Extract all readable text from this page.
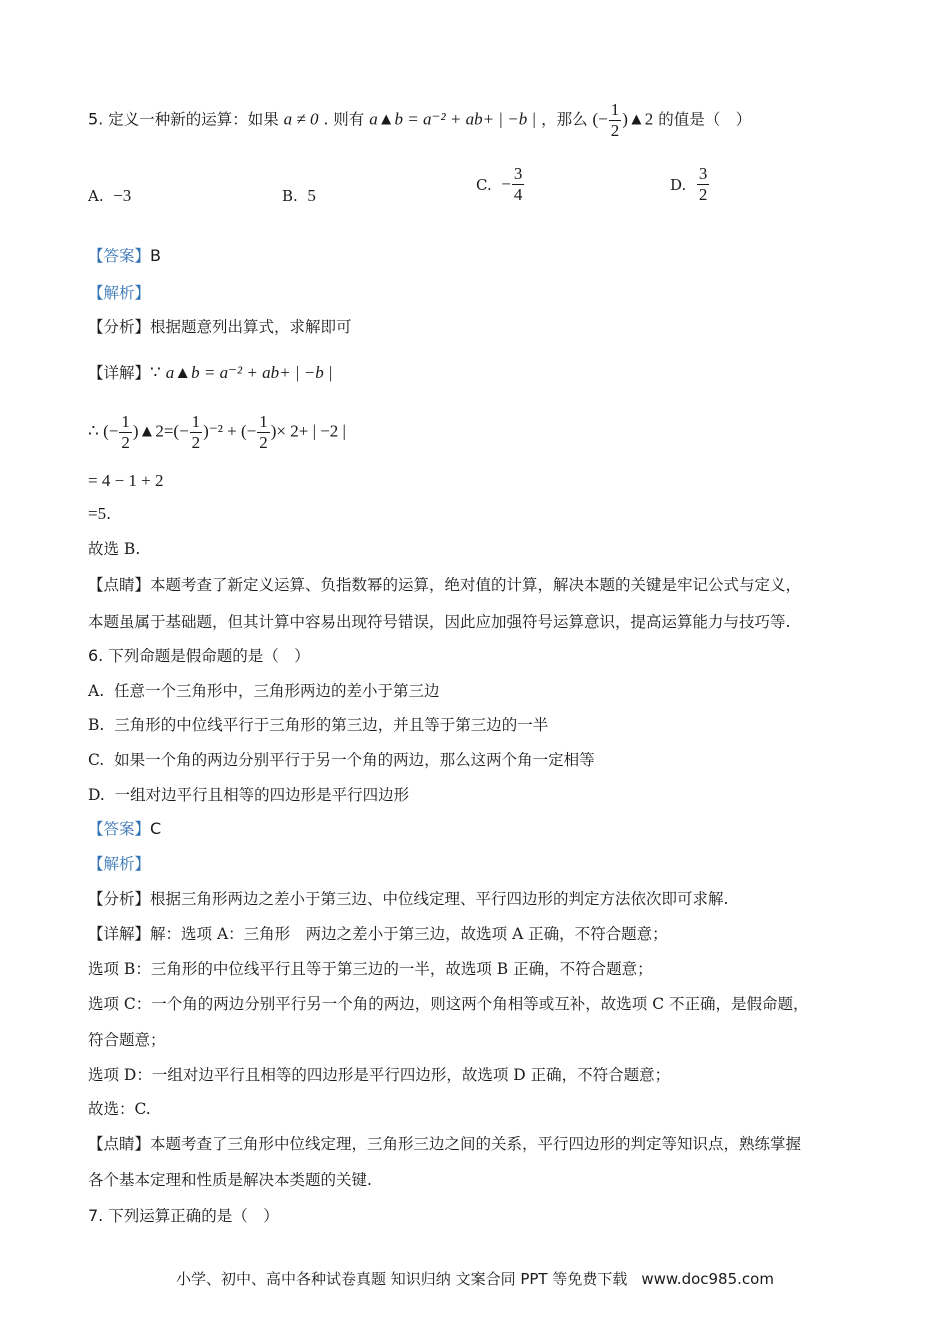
5. 定义一种新的运算：如果 a ≠ 0 . 则有 a▲b = a⁻² + ab+ | −b | ，那么 (− $\frac{1}{2}$ )▲2 的值是（　）
A. −3	B. 5
C. − $\frac{3}{4}$	D. $\frac{3}{2}$
【答案】B
【解析】
【分析】根据题意列出算式，求解即可
【详解】∵ a▲b = a⁻² + ab+ | −b |
∴ (− $\frac{1}{2}$ )▲2=(− $\frac{1}{2} )^{-2}$ + (− $\frac{1}{2}$ )× 2+ | −2 |
= 4 − 1 + 2
=5.
故选 B.
【点睛】本题考查了新定义运算、负指数幂的运算，绝对值的计算，解决本题的关键是牢记公式与定义，
本题虽属于基础题，但其计算中容易出现符号错误，因此应加强符号运算意识，提高运算能力与技巧等.
6. 下列命题是假命题的是（　）
A. 任意一个三角形中，三角形两边的差小于第三边
B. 三角形的中位线平行于三角形的第三边，并且等于第三边的一半
C. 如果一个角的两边分别平行于另一个角的两边，那么这两个角一定相等
D. 一组对边平行且相等的四边形是平行四边形
【答案】C
【解析】
【分析】根据三角形两边之差小于第三边、中位线定理、平行四边形的判定方法依次即可求解.
【详解】解：选项 A：三角形　两边之差小于第三边，故选项 A 正确，不符合题意；
选项 B：三角形的中位线平行且等于第三边的一半，故选项 B 正确，不符合题意；
选项 C：一个角的两边分别平行另一个角的两边，则这两个角相等或互补，故选项 C 不正确，是假命题，
符合题意；
选项 D：一组对边平行且相等的四边形是平行四边形，故选项 D 正确，不符合题意；
故选：C.
【点睛】本题考查了三角形中位线定理，三角形三边之间的关系，平行四边形的判定等知识点，熟练掌握
各个基本定理和性质是解决本类题的关键.
7. 下列运算正确的是（　）
小学、初中、高中各种试卷真题 知识归纳 文案合同 PPT 等免费下载 www.doc985.com
